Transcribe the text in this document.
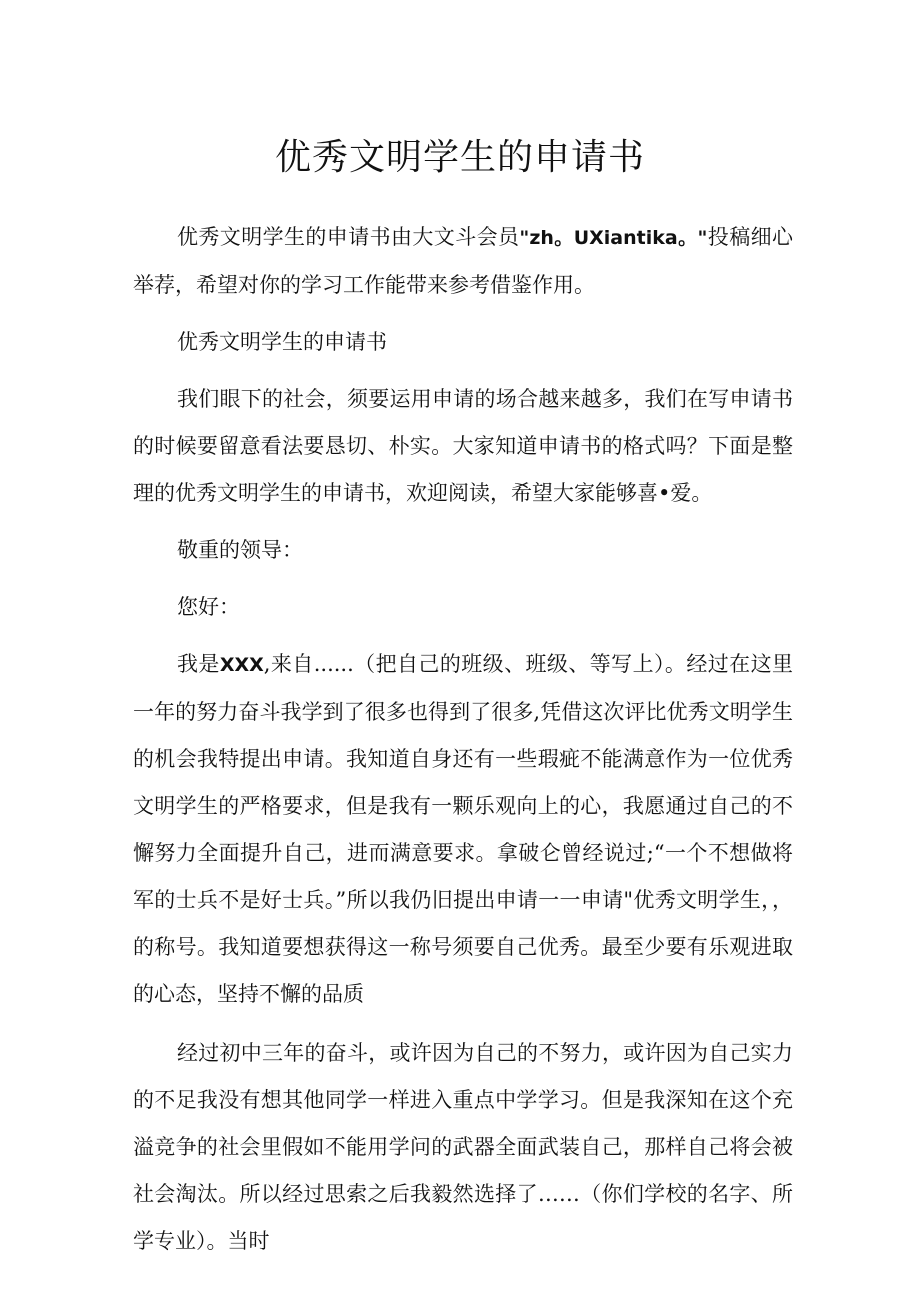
优秀文明学生的申请书

优秀文明学生的申请书由大文斗会员"zh。UXiantika。"投稿细心举荐，希望对你的学习工作能带来参考借鉴作用。

优秀文明学生的申请书

我们眼下的社会，须要运用申请的场合越来越多，我们在写申请书的时候要留意看法要恳切、朴实。大家知道申请书的格式吗？下面是整理的优秀文明学生的申请书，欢迎阅读，希望大家能够喜•爱。

敬重的领导：

您好：

我是XXX,来自......（把自己的班级、班级、等写上）。经过在这里一年的努力奋斗我学到了很多也得到了很多,凭借这次评比优秀文明学生的机会我特提出申请。我知道自身还有一些瑕疵不能满意作为一位优秀文明学生的严格要求，但是我有一颗乐观向上的心，我愿通过自己的不懈努力全面提升自己，进而满意要求。拿破仑曾经说过;“一个不想做将军的士兵不是好士兵。”所以我仍旧提出申请一一申请"优秀文明学生，，的称号。我知道要想获得这一称号须要自己优秀。最至少要有乐观进取的心态，坚持不懈的品质

经过初中三年的奋斗，或许因为自己的不努力，或许因为自己实力的不足我没有想其他同学一样进入重点中学学习。但是我深知在这个充溢竞争的社会里假如不能用学问的武器全面武装自己，那样自己将会被社会淘汰。所以经过思索之后我毅然选择了……（你们学校的名字、所学专业）。当时
